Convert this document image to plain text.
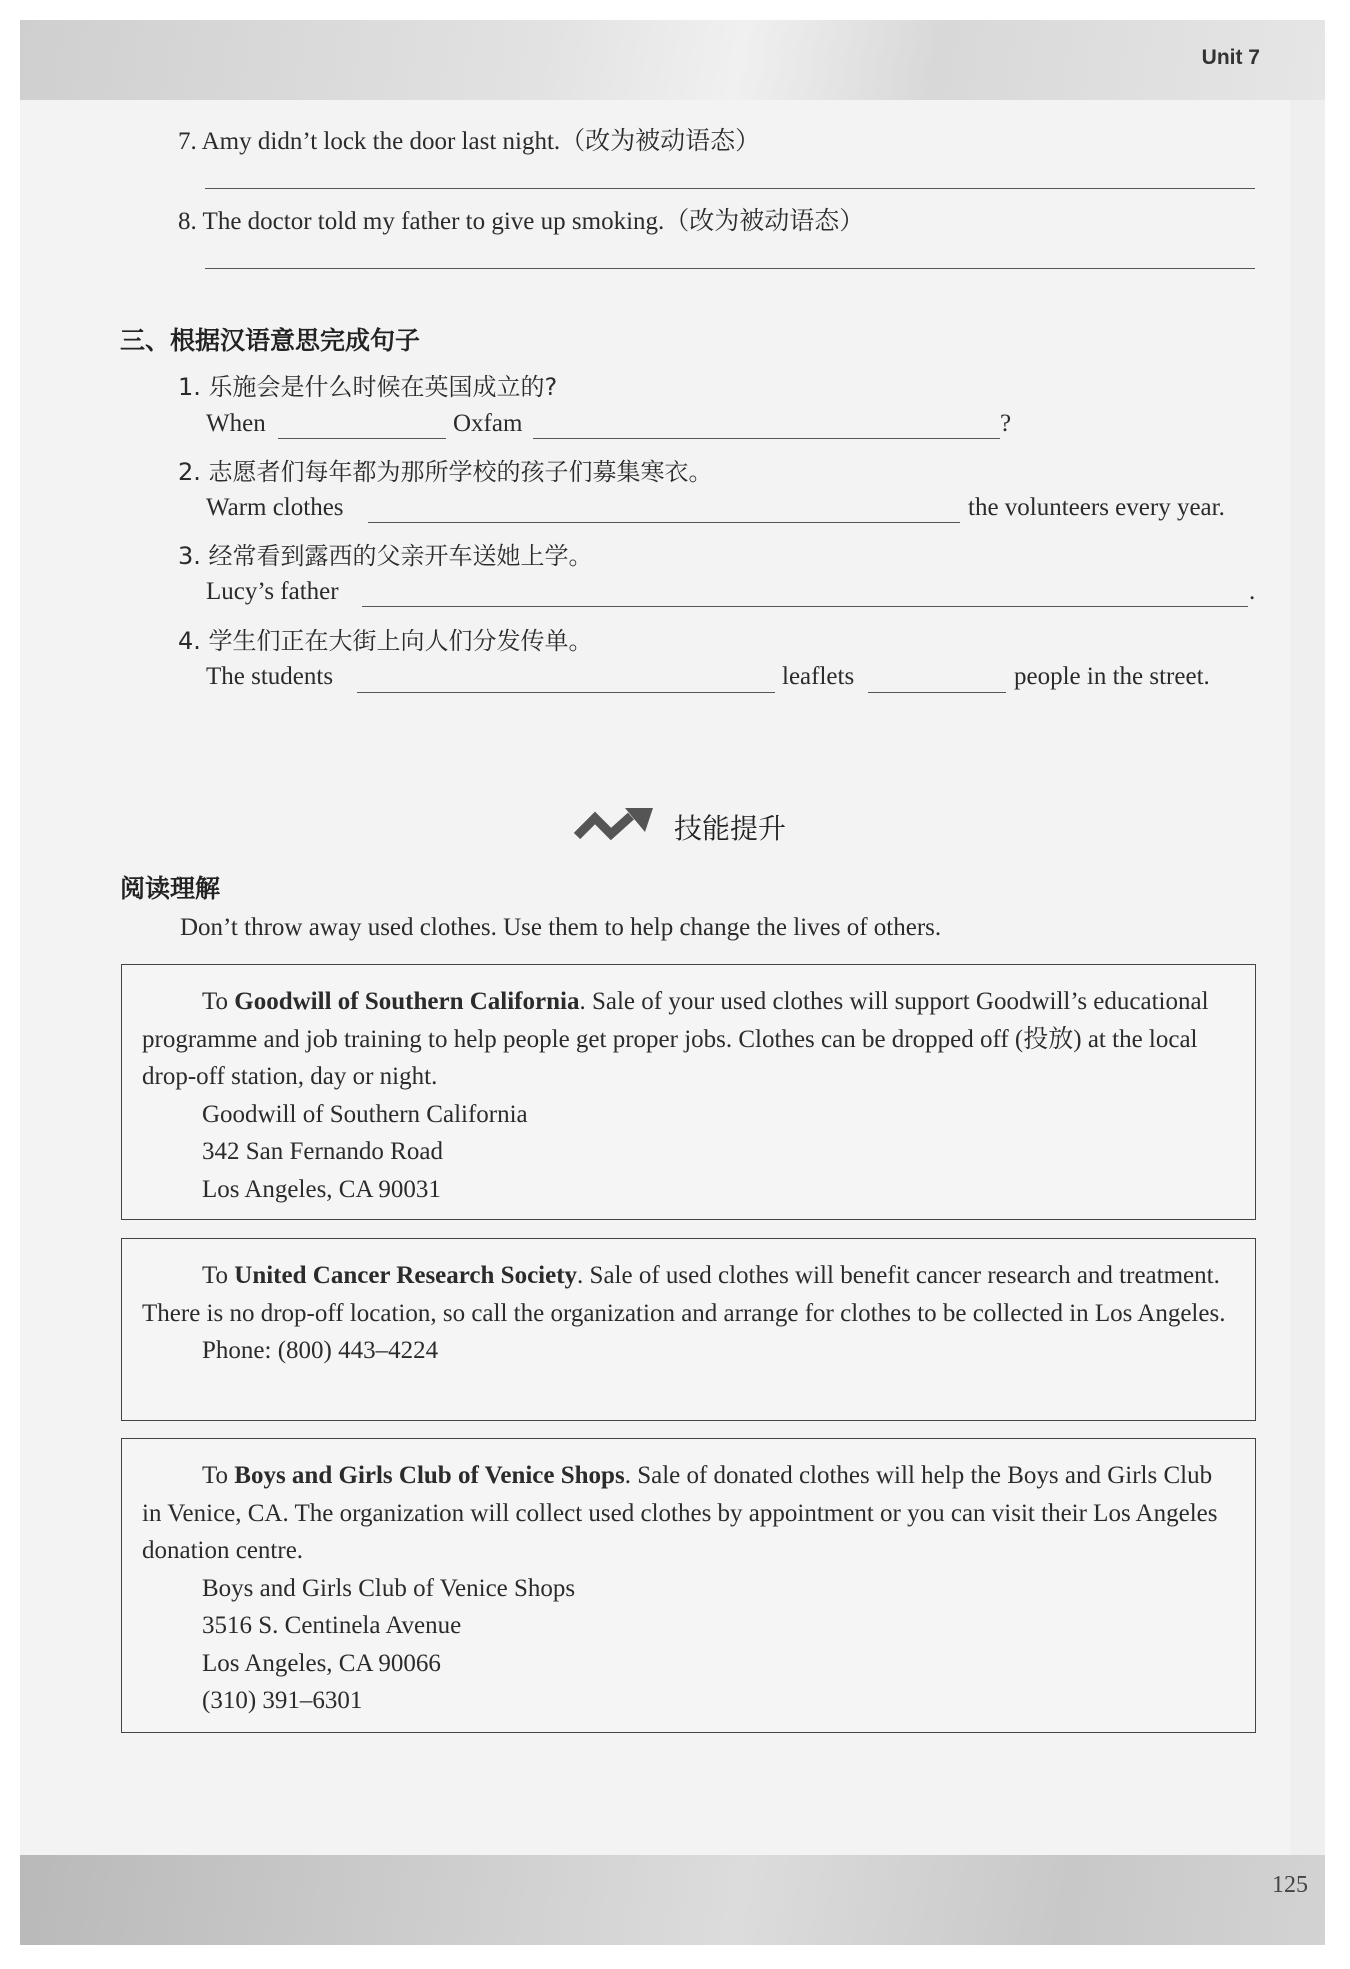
Unit 7
7. Amy didn’t lock the door last night.（改为被动语态）
8. The doctor told my father to give up smoking.（改为被动语态）
三、根据汉语意思完成句子
1. 乐施会是什么时候在英国成立的?
When	Oxfam	?
2. 志愿者们每年都为那所学校的孩子们募集寒衣。
Warm clothes	the volunteers every year.
3. 经常看到露西的父亲开车送她上学。
Lucy’s father	.
4. 学生们正在大街上向人们分发传单。
The students	leaflets	people in the street.
技能提升
阅读理解
Don’t throw away used clothes. Use them to help change the lives of others.

To Goodwill of Southern California. Sale of your used clothes will support Goodwill’s educational programme and job training to help people get proper jobs. Clothes can be dropped off (投放) at the local drop-off station, day or night.

Goodwill of Southern California
342 San Fernando Road
Los Angeles, CA 90031

To United Cancer Research Society. Sale of used clothes will benefit cancer research and treatment. There is no drop-off location, so call the organization and arrange for clothes to be collected in Los Angeles.

Phone: (800) 443–4224

To Boys and Girls Club of Venice Shops. Sale of donated clothes will help the Boys and Girls Club in Venice, CA. The organization will collect used clothes by appointment or you can visit their Los Angeles donation centre.

Boys and Girls Club of Venice Shops
3516 S. Centinela Avenue
Los Angeles, CA 90066
(310) 391–6301
125
